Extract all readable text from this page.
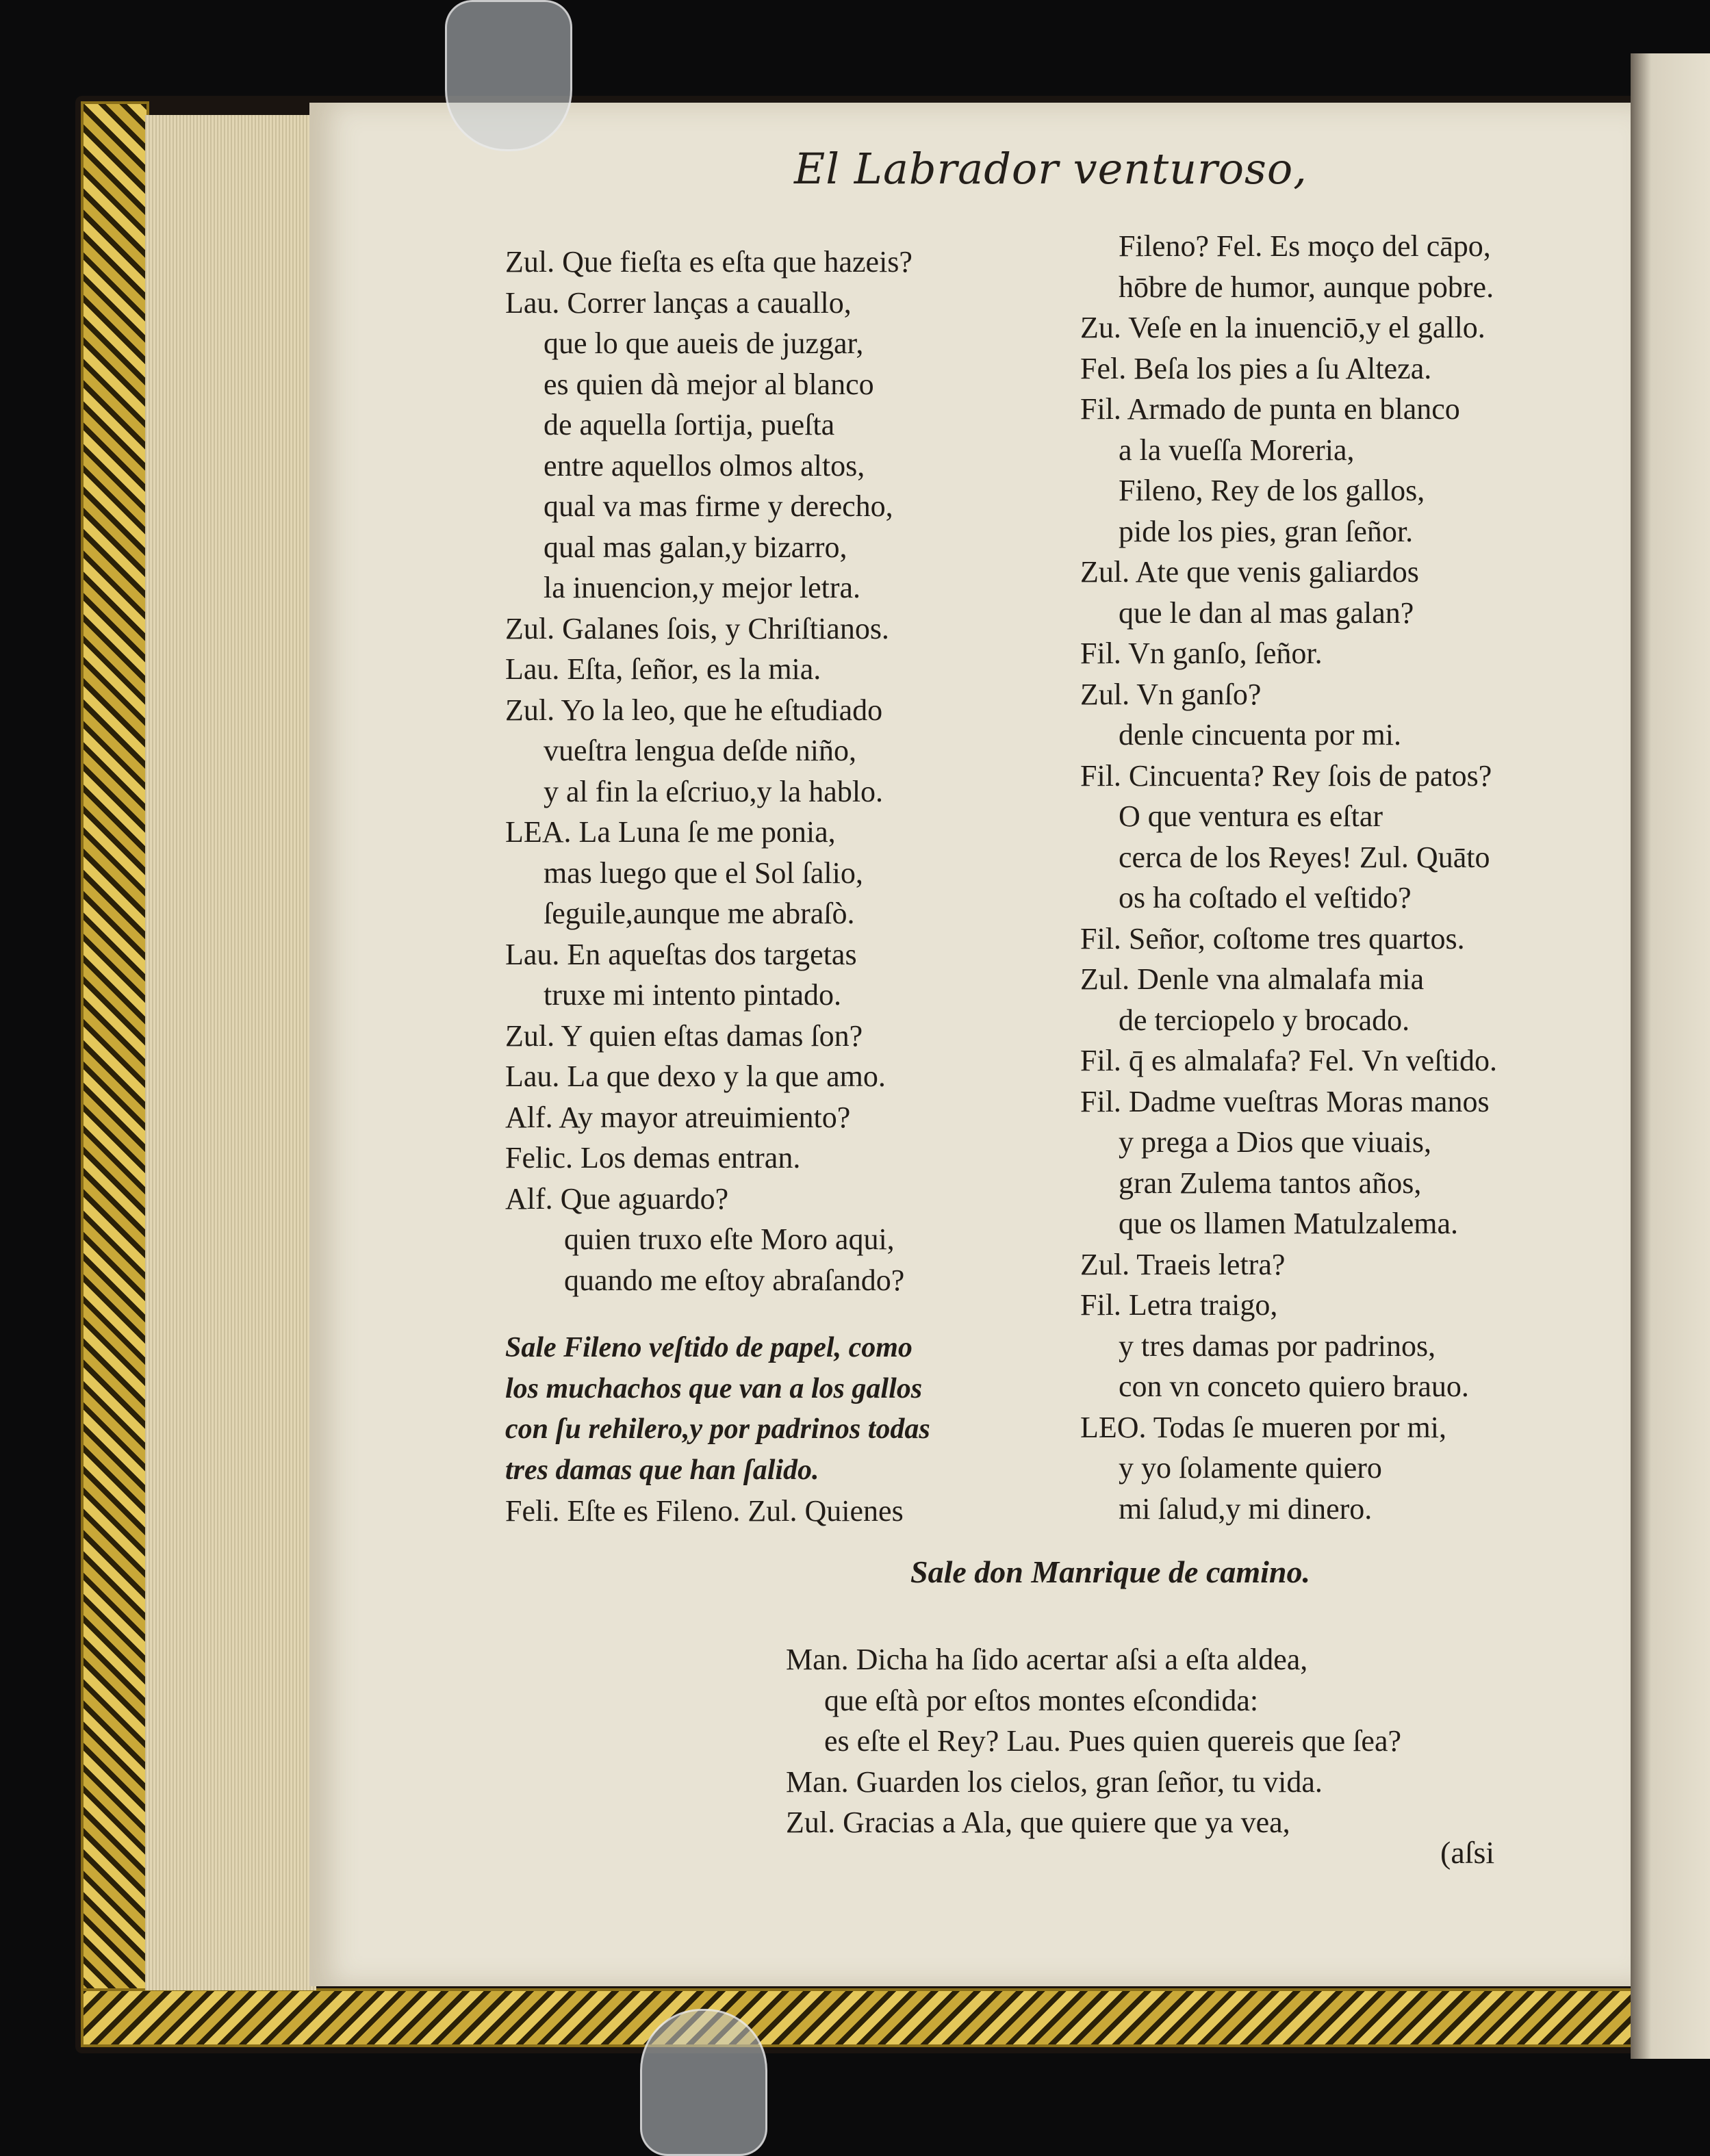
El Labrador venturoso,
Zul. Que fieſta es eſta que hazeis?
Lau. Correr lanças a cauallo,
que lo que aueis de juzgar,
es quien dà mejor al blanco
de aquella ſortija, pueſta
entre aquellos olmos altos,
qual va mas firme y derecho,
qual mas galan,y bizarro,
la inuencion,y mejor letra.
Zul. Galanes ſois, y Chriſtianos.
Lau. Eſta, ſeñor, es la mia.
Zul. Yo la leo, que he eſtudiado
vueſtra lengua deſde niño,
y al fin la eſcriuo,y la hablo.
LEA. La Luna ſe me ponia,
mas luego que el Sol ſalio,
ſeguile,aunque me abraſò.
Lau. En aqueſtas dos targetas
truxe mi intento pintado.
Zul. Y quien eſtas damas ſon?
Lau. La que dexo y la que amo.
Alf. Ay mayor atreuimiento?
Felic. Los demas entran.
Alf. Que aguardo?
quien truxo eſte Moro aqui,
quando me eſtoy abraſando?
Sale Fileno veſtido de papel, como
los muchachos que van a los gallos
con ſu rehilero,y por padrinos todas
tres damas que han ſalido.
Feli. Eſte es Fileno. Zul. Quienes
Fileno? Fel. Es moço del cāpo,
hōbre de humor, aunque pobre.
Zu. Veſe en la inuenciō,y el gallo.
Fel. Beſa los pies a ſu Alteza.
Fil. Armado de punta en blanco
a la vueſſa Moreria,
Fileno, Rey de los gallos,
pide los pies, gran ſeñor.
Zul. Ate que venis galiardos
que le dan al mas galan?
Fil. Vn ganſo, ſeñor.
Zul. Vn ganſo?
denle cincuenta por mi.
Fil. Cincuenta? Rey ſois de patos?
O que ventura es eſtar
cerca de los Reyes! Zul. Quāto
os ha coſtado el veſtido?
Fil. Señor, coſtome tres quartos.
Zul. Denle vna almalafa mia
de terciopelo y brocado.
Fil. q̄ es almalafa? Fel. Vn veſtido.
Fil. Dadme vueſtras Moras manos
y prega a Dios que viuais,
gran Zulema tantos años,
que os llamen Matulzalema.
Zul. Traeis letra?
Fil. Letra traigo,
y tres damas por padrinos,
con vn conceto quiero brauo.
LEO. Todas ſe mueren por mi,
y yo ſolamente quiero
mi ſalud,y mi dinero.
Sale don Manrique de camino.
Man. Dicha ha ſido acertar aſsi a eſta aldea,
que eſtà por eſtos montes eſcondida:
es eſte el Rey? Lau. Pues quien quereis que ſea?
Man. Guarden los cielos, gran ſeñor, tu vida.
Zul. Gracias a Ala, que quiere que ya vea,
(aſsi
